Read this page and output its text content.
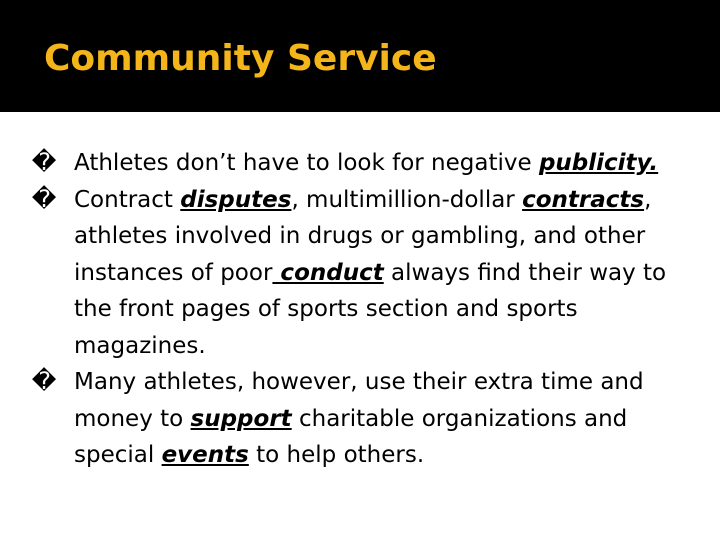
Community Service
� Athletes don’t have to look for negative publicity.
� Contract disputes, multimillion-dollar contracts, athletes involved in drugs or gambling, and other instances of poor conduct always find their way to the front pages of sports section and sports magazines.
� Many athletes, however, use their extra time and money to support charitable organizations and special events to help others.
